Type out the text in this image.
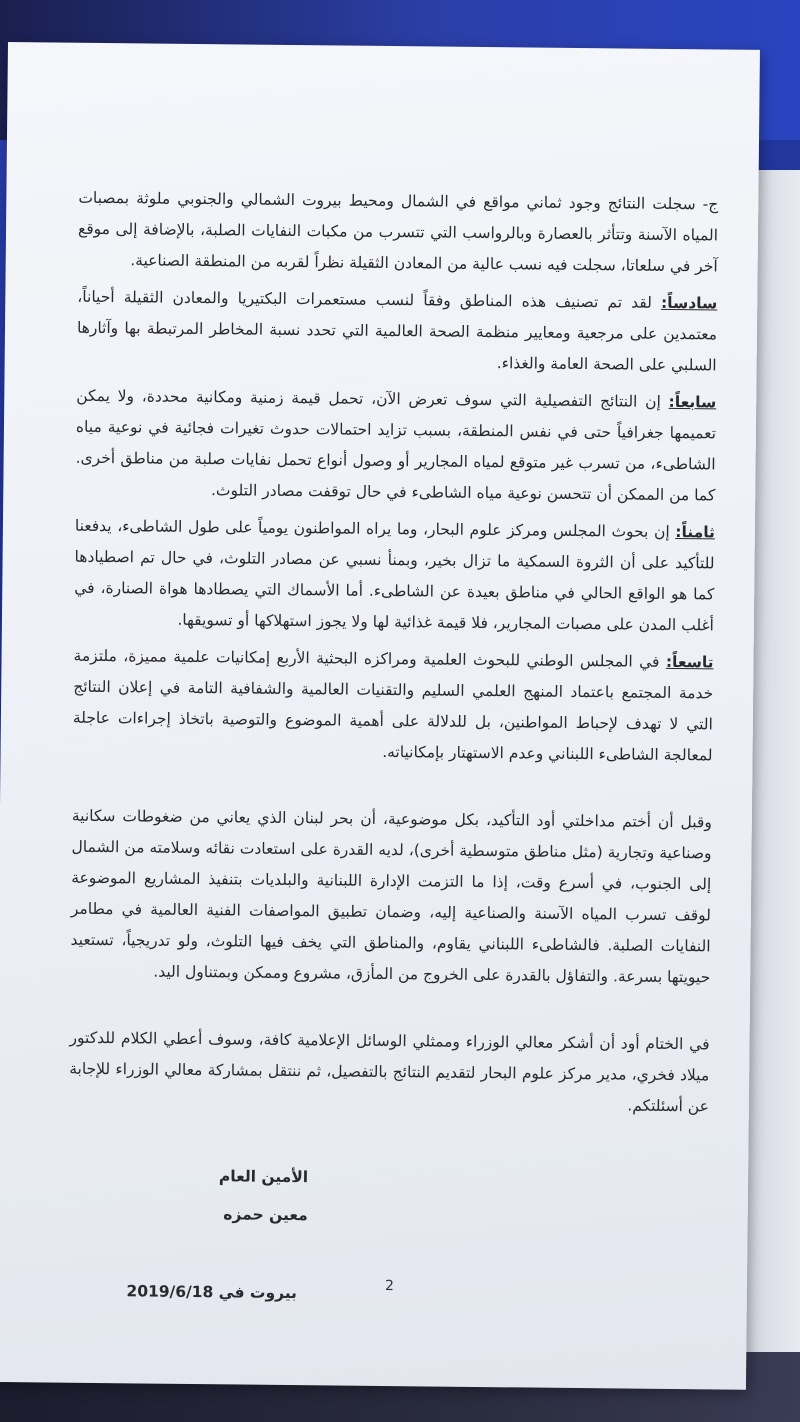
ج- سجلت النتائج وجود ثماني مواقع في الشمال ومحيط بيروت الشمالي والجنوبي ملوثة بمصبات المياه الآسنة وتتأثر بالعصارة وبالرواسب التي تتسرب من مكبات النفايات الصلبة، بالإضافة إلى موقع آخر في سلعاتا، سجلت فيه نسب عالية من المعادن الثقيلة نظراً لقربه من المنطقة الصناعية.

سادساً: لقد تم تصنيف هذه المناطق وفقاً لنسب مستعمرات البكتيريا والمعادن الثقيلة أحياناً، معتمدين على مرجعية ومعايير منظمة الصحة العالمية التي تحدد نسبة المخاطر المرتبطة بها وآثارها السلبي على الصحة العامة والغذاء.

سابعاً: إن النتائج التفصيلية التي سوف تعرض الآن، تحمل قيمة زمنية ومكانية محددة، ولا يمكن تعميمها جغرافياً حتى في نفس المنطقة، بسبب تزايد احتمالات حدوث تغيرات فجائية في نوعية مياه الشاطىء، من تسرب غير متوقع لمياه المجارير أو وصول أنواع تحمل نفايات صلبة من مناطق أخرى. كما من الممكن أن تتحسن نوعية مياه الشاطىء في حال توقفت مصادر التلوث.

ثامناً: إن بحوث المجلس ومركز علوم البحار، وما يراه المواطنون يومياً على طول الشاطىء، يدفعنا للتأكيد على أن الثروة السمكية ما تزال بخير، وبمنأ نسبي عن مصادر التلوث، في حال تم اصطيادها كما هو الواقع الحالي في مناطق بعيدة عن الشاطىء. أما الأسماك التي يصطادها هواة الصنارة، في أغلب المدن على مصبات المجارير، فلا قيمة غذائية لها ولا يجوز استهلاكها أو تسويقها.

تاسعاً: في المجلس الوطني للبحوث العلمية ومراكزه البحثية الأربع إمكانيات علمية مميزة، ملتزمة خدمة المجتمع باعتماد المنهج العلمي السليم والتقنيات العالمية والشفافية التامة في إعلان النتائج التي لا تهدف لإحباط المواطنين، بل للدلالة على أهمية الموضوع والتوصية باتخاذ إجراءات عاجلة لمعالجة الشاطىء اللبناني وعدم الاستهتار بإمكانياته.

وقبل أن أختم مداخلتي أود التأكيد، بكل موضوعية، أن بحر لبنان الذي يعاني من ضغوطات سكانية وصناعية وتجارية (مثل مناطق متوسطية أخرى)، لديه القدرة على استعادت نقائه وسلامته من الشمال إلى الجنوب، في أسرع وقت، إذا ما التزمت الإدارة اللبنانية والبلديات بتنفيذ المشاريع الموضوعة لوقف تسرب المياه الآسنة والصناعية إليه، وضمان تطبيق المواصفات الفنية العالمية في مطامر النفايات الصلبة. فالشاطىء اللبناني يقاوم، والمناطق التي يخف فيها التلوث، ولو تدريجياً، تستعيد حيويتها بسرعة. والتفاؤل بالقدرة على الخروج من المأزق، مشروع وممكن وبمتناول اليد.

في الختام أود أن أشكر معالي الوزراء وممثلي الوسائل الإعلامية كافة، وسوف أعطي الكلام للدكتور ميلاد فخري، مدير مركز علوم البحار لتقديم النتائج بالتفصيل، ثم ننتقل بمشاركة معالي الوزراء للإجابة عن أسئلتكم.

الأمين العام
معين حمزه
بيروت في 2019/6/18	2
